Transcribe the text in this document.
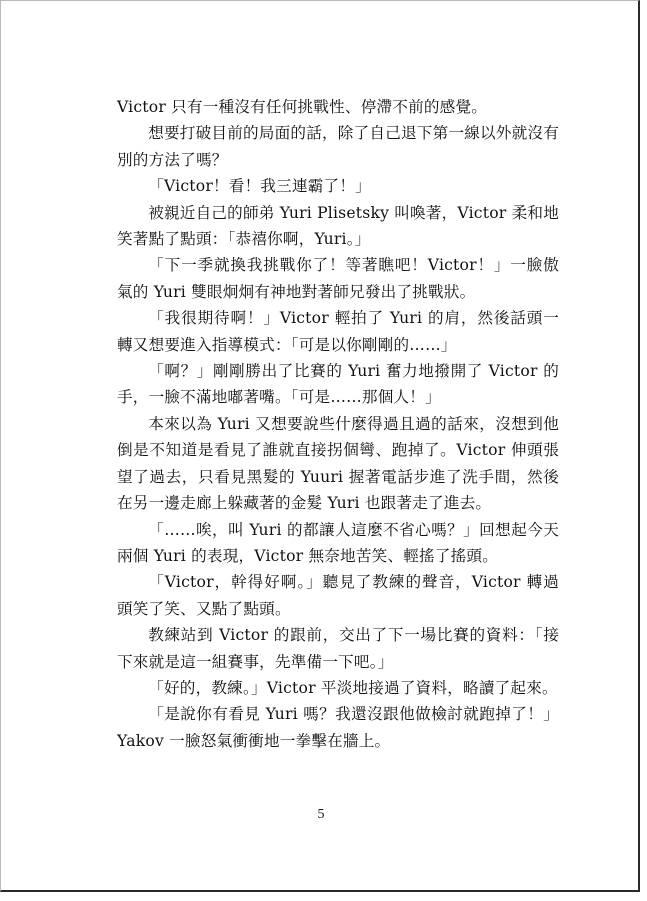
Victor 只有一種沒有任何挑戰性、停滯不前的感覺。

想要打破目前的局面的話，除了自己退下第一線以外就沒有別的方法了嗎？

「Victor！看！我三連霸了！」

被親近自己的師弟 Yuri Plisetsky 叫喚著，Victor 柔和地笑著點了點頭：「恭禧你啊，Yuri。」

「下一季就換我挑戰你了！等著瞧吧！Victor！」一臉傲氣的 Yuri 雙眼炯炯有神地對著師兄發出了挑戰狀。

「我很期待啊！」Victor 輕拍了 Yuri 的肩，然後話頭一轉又想要進入指導模式：「可是以你剛剛的……」

「啊？」剛剛勝出了比賽的 Yuri 奮力地撥開了 Victor 的手，一臉不滿地嘟著嘴。「可是……那個人！」

本來以為 Yuri 又想要說些什麼得過且過的話來，沒想到他倒是不知道是看見了誰就直接拐個彎、跑掉了。Victor 伸頭張望了過去，只看見黑髮的 Yuuri 握著電話步進了洗手間，然後在另一邊走廊上躲藏著的金髮 Yuri 也跟著走了進去。

「……唉，叫 Yuri 的都讓人這麼不省心嗎？」回想起今天兩個 Yuri 的表現，Victor 無奈地苦笑、輕搖了搖頭。

「Victor，幹得好啊。」聽見了教練的聲音，Victor 轉過頭笑了笑、又點了點頭。

教練站到 Victor 的跟前，交出了下一場比賽的資料：「接下來就是這一組賽事，先準備一下吧。」

「好的，教練。」Victor 平淡地接過了資料，略讀了起來。

「是說你有看見 Yuri 嗎？我還沒跟他做檢討就跑掉了！」Yakov 一臉怒氣衝衝地一拳擊在牆上。

5
